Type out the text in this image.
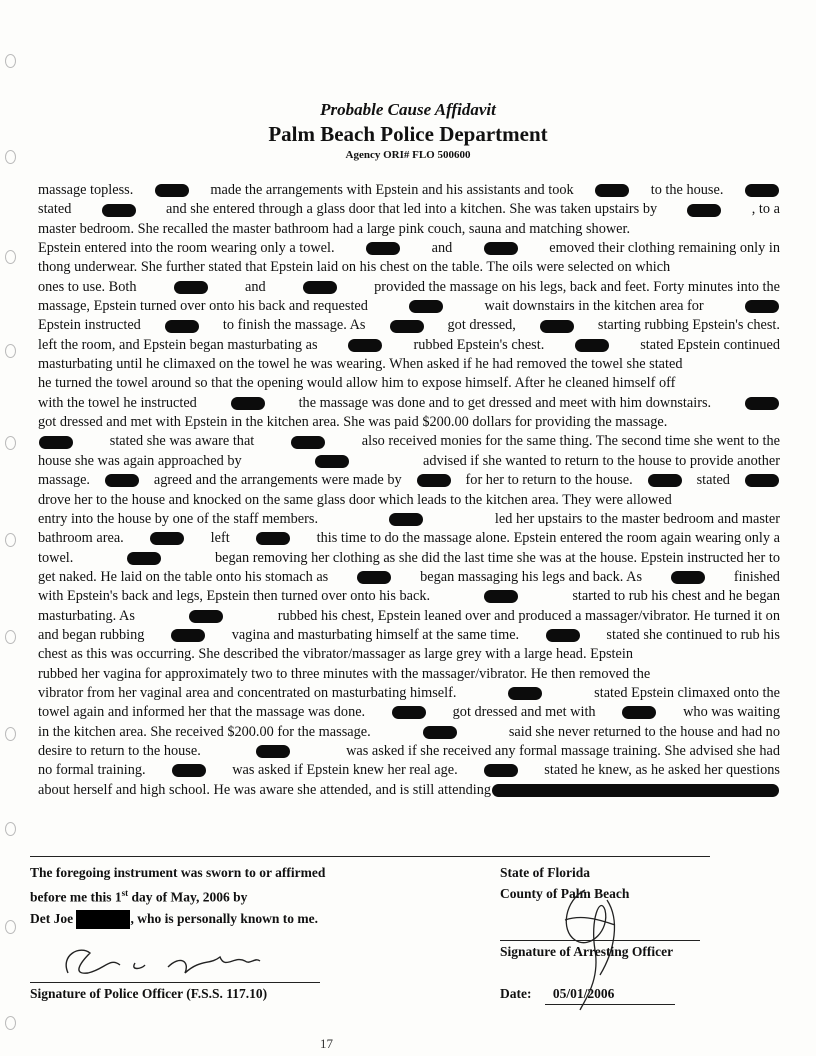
Probable Cause Affidavit
Palm Beach Police Department
Agency ORI# FLO 500600
massage topless.	made the arrangements with Epstein and his assistants and took	to the house.
stated	and she entered through a glass door that led into a kitchen. She was taken upstairs by	, to a
master bedroom. She recalled the master bathroom had a large pink couch, sauna and matching shower.
Epstein entered into the room wearing only a towel.	and	emoved their clothing remaining only in
thong underwear. She further stated that Epstein laid on his chest on the table. The oils were selected on which
ones to use. Both	and	provided the massage on his legs, back and feet. Forty minutes into the
massage, Epstein turned over onto his back and requested	wait downstairs in the kitchen area for
Epstein instructed	to finish the massage. As	got dressed,	starting rubbing Epstein's chest.
left the room, and Epstein began masturbating as	rubbed Epstein's chest.	stated Epstein continued
masturbating until he climaxed on the towel he was wearing. When asked if he had removed the towel she stated
he turned the towel around so that the opening would allow him to expose himself. After he cleaned himself off
with the towel he instructed	the massage was done and to get dressed and meet with him downstairs.
got dressed and met with Epstein in the kitchen area. She was paid $200.00 dollars for providing the massage.
stated she was aware that	also received monies for the same thing. The second time she went to the
house she was again approached by	advised if she wanted to return to the house to provide another
massage.	agreed and the arrangements were made by	for her to return to the house.	stated
drove her to the house and knocked on the same glass door which leads to the kitchen area. They were allowed
entry into the house by one of the staff members.	led her upstairs to the master bedroom and master
bathroom area.	left	this time to do the massage alone. Epstein entered the room again wearing only a
towel.	began removing her clothing as she did the last time she was at the house. Epstein instructed her to
get naked. He laid on the table onto his stomach as	began massaging his legs and back. As	finished
with Epstein's back and legs, Epstein then turned over onto his back.	started to rub his chest and he began
masturbating. As	rubbed his chest, Epstein leaned over and produced a massager/vibrator. He turned it on
and began rubbing	vagina and masturbating himself at the same time.	stated she continued to rub his
chest as this was occurring. She described the vibrator/massager as large grey with a large head. Epstein
rubbed her vagina for approximately two to three minutes with the massager/vibrator. He then removed the
vibrator from her vaginal area and concentrated on masturbating himself.	stated Epstein climaxed onto the
towel again and informed her that the massage was done.	got dressed and met with	who was waiting
in the kitchen area. She received $200.00 for the massage.	said she never returned to the house and had no
desire to return to the house.	was asked if she received any formal massage training. She advised she had
no formal training.	was asked if Epstein knew her real age.	stated he knew, as he asked her questions
about herself and high school. He was aware she attended, and is still attending
The foregoing instrument was sworn to or affirmed
before me this 1st day of May, 2006 by
Det Joe	, who is personally known to me.
Signature of Police Officer (F.S.S. 117.10)
State of Florida
County of Palm Beach
Signature of Arresting Officer
Date: 05/01/2006
17
